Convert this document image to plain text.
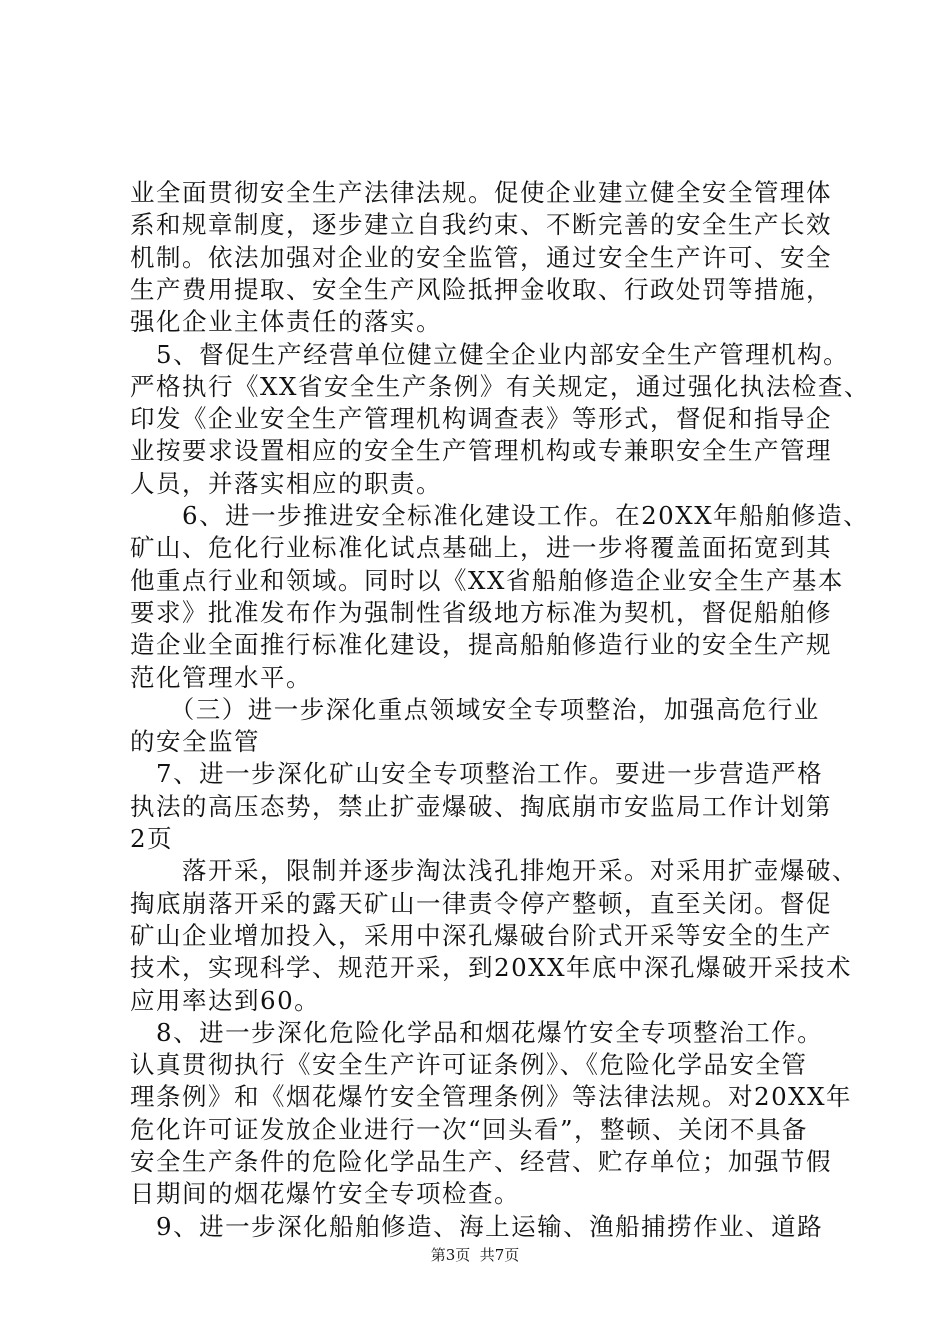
业全面贯彻安全生产法律法规。促使企业建立健全安全管理体
系和规章制度，逐步建立自我约束、不断完善的安全生产长效
机制。依法加强对企业的安全监管，通过安全生产许可、安全
生产费用提取、安全生产风险抵押金收取、行政处罚等措施，
强化企业主体责任的落实。
　5、督促生产经营单位健立健全企业内部安全生产管理机构。
严格执行《XX省安全生产条例》有关规定，通过强化执法检查、
印发《企业安全生产管理机构调查表》等形式，督促和指导企
业按要求设置相应的安全生产管理机构或专兼职安全生产管理
人员，并落实相应的职责。
　　6、进一步推进安全标准化建设工作。在20XX年船舶修造、
矿山、危化行业标准化试点基础上，进一步将覆盖面拓宽到其
他重点行业和领域。同时以《XX省船舶修造企业安全生产基本
要求》批准发布作为强制性省级地方标准为契机，督促船舶修
造企业全面推行标准化建设，提高船舶修造行业的安全生产规
范化管理水平。
　　（三）进一步深化重点领域安全专项整治，加强高危行业
的安全监管
　7、进一步深化矿山安全专项整治工作。要进一步营造严格
执法的高压态势，禁止扩壶爆破、掏底崩市安监局工作计划第
2页
　　落开采，限制并逐步淘汰浅孔排炮开采。对采用扩壶爆破、
掏底崩落开采的露天矿山一律责令停产整顿，直至关闭。督促
矿山企业增加投入，采用中深孔爆破台阶式开采等安全的生产
技术，实现科学、规范开采，到20XX年底中深孔爆破开采技术
应用率达到60。
　8、进一步深化危险化学品和烟花爆竹安全专项整治工作。
认真贯彻执行《安全生产许可证条例》、《危险化学品安全管
理条例》和《烟花爆竹安全管理条例》等法律法规。对20XX年
危化许可证发放企业进行一次“回头看”，整顿、关闭不具备
安全生产条件的危险化学品生产、经营、贮存单位；加强节假
日期间的烟花爆竹安全专项检查。
　9、进一步深化船舶修造、海上运输、渔船捕捞作业、道路
第3页  共7页
